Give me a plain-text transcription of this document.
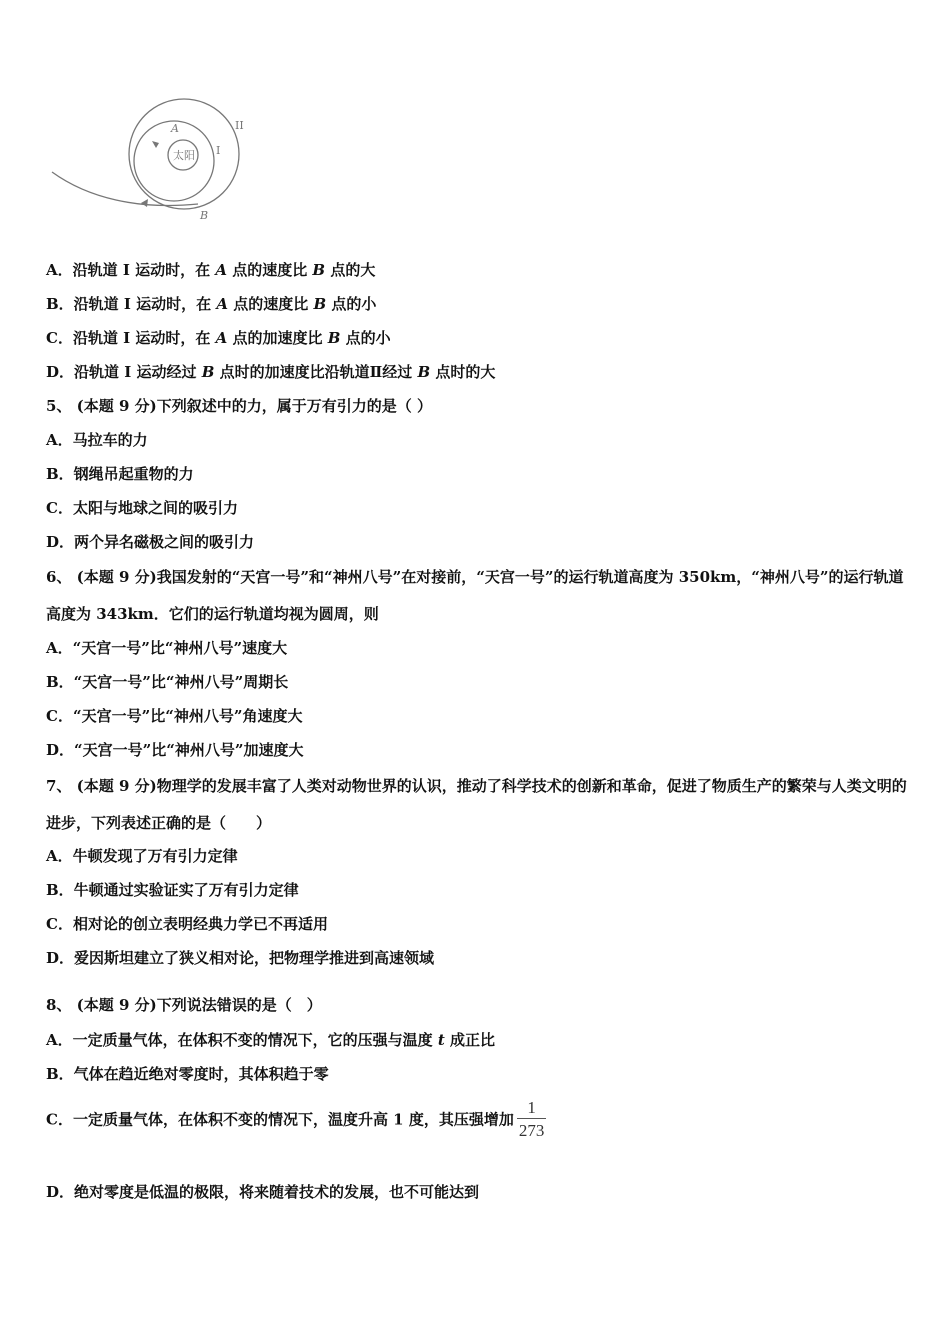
太阳
A
I
II
B
A．沿轨道 I 运动时，在 A 点的速度比 B 点的大
B．沿轨道 I 运动时，在 A 点的速度比 B 点的小
C．沿轨道 I 运动时，在 A 点的加速度比 B 点的小
D．沿轨道 I 运动经过 B 点时的加速度比沿轨道Ⅱ经过 B 点时的大
5、 (本题 9 分)下列叙述中的力，属于万有引力的是（ ）
A．马拉车的力
B．钢绳吊起重物的力
C．太阳与地球之间的吸引力
D．两个异名磁极之间的吸引力
6、 (本题 9 分)我国发射的“天宫一号”和“神州八号”在对接前，“天宫一号”的运行轨道高度为 350km，“神州八号”的运行轨道高度为 343km．它们的运行轨道均视为圆周，则
A．“天宫一号”比“神州八号”速度大
B．“天宫一号”比“神州八号”周期长
C．“天宫一号”比“神州八号”角速度大
D．“天宫一号”比“神州八号”加速度大
7、 (本题 9 分)物理学的发展丰富了人类对动物世界的认识，推动了科学技术的创新和革命，促进了物质生产的繁荣与人类文明的进步，下列表述正确的是（　　）
A．牛顿发现了万有引力定律
B．牛顿通过实验证实了万有引力定律
C．相对论的创立表明经典力学已不再适用
D．爱因斯坦建立了狭义相对论，把物理学推进到高速领域
8、 (本题 9 分)下列说法错误的是（　）
A．一定质量气体，在体积不变的情况下，它的压强与温度 t 成正比
B．气体在趋近绝对零度时，其体积趋于零
C．一定质量气体，在体积不变的情况下，温度升高 1 度，其压强增加 $\frac{1}{273}$
D．绝对零度是低温的极限，将来随着技术的发展，也不可能达到
